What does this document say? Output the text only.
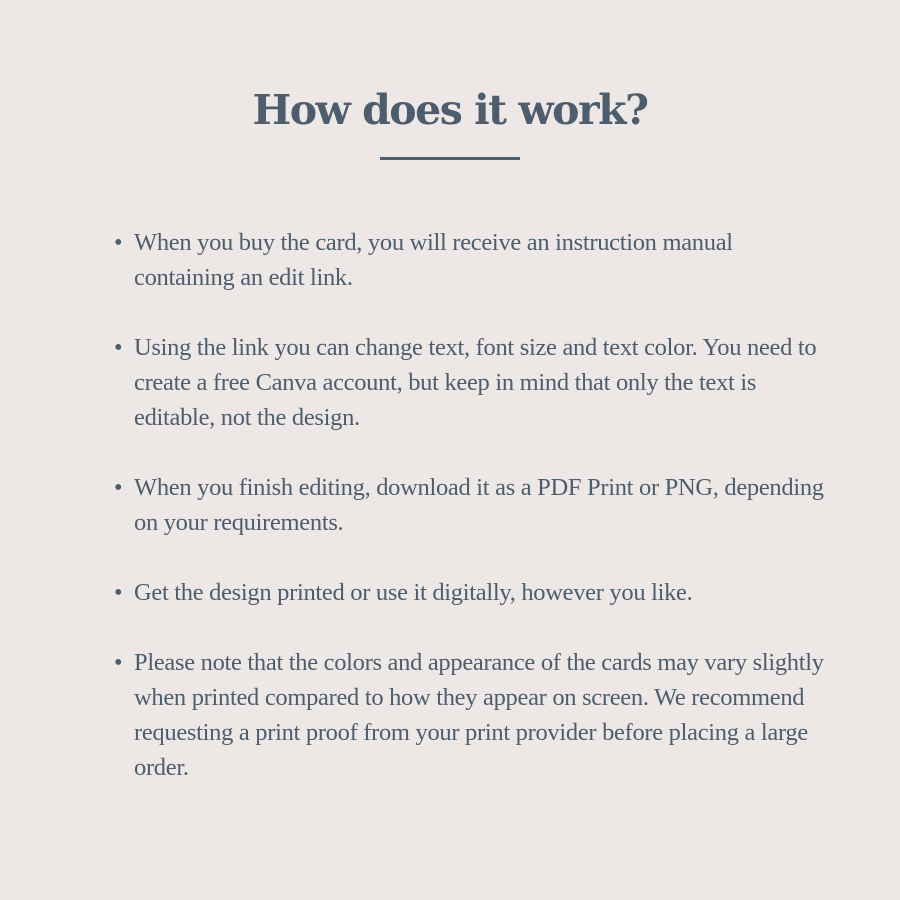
How does it work?
• When you buy the card, you will receive an instruction manual containing an edit link.
• Using the link you can change text, font size and text color. You need to create a free Canva account, but keep in mind that only the text is editable, not the design.
• When you finish editing, download it as a PDF Print or PNG, depending on your requirements.
• Get the design printed or use it digitally, however you like.
• Please note that the colors and appearance of the cards may vary slightly when printed compared to how they appear on screen. We recommend requesting a print proof from your print provider before placing a large order.
